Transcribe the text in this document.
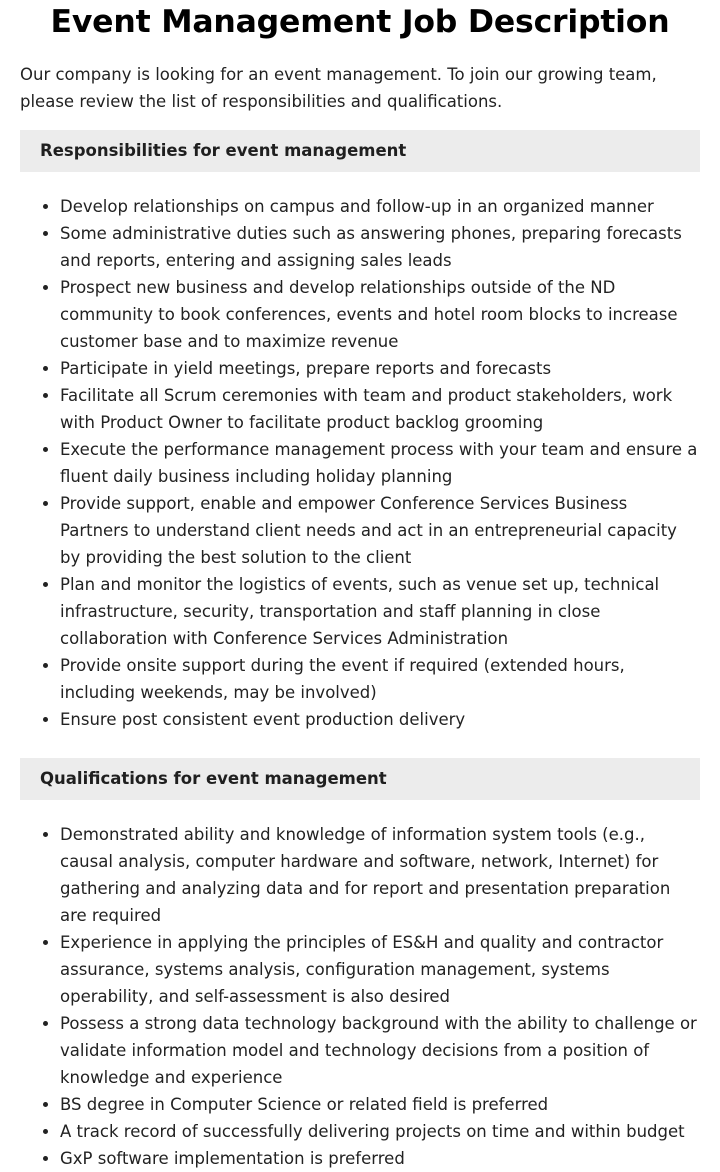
Event Management Job Description

Our company is looking for an event management. To join our growing team, please review the list of responsibilities and qualifications.

Responsibilities for event management
• Develop relationships on campus and follow-up in an organized manner
• Some administrative duties such as answering phones, preparing forecasts and reports, entering and assigning sales leads
• Prospect new business and develop relationships outside of the ND community to book conferences, events and hotel room blocks to increase customer base and to maximize revenue
• Participate in yield meetings, prepare reports and forecasts
• Facilitate all Scrum ceremonies with team and product stakeholders, work with Product Owner to facilitate product backlog grooming
• Execute the performance management process with your team and ensure a fluent daily business including holiday planning
• Provide support, enable and empower Conference Services Business Partners to understand client needs and act in an entrepreneurial capacity by providing the best solution to the client
• Plan and monitor the logistics of events, such as venue set up, technical infrastructure, security, transportation and staff planning in close collaboration with Conference Services Administration
• Provide onsite support during the event if required (extended hours, including weekends, may be involved)
• Ensure post consistent event production delivery
Qualifications for event management
• Demonstrated ability and knowledge of information system tools (e.g., causal analysis, computer hardware and software, network, Internet) for gathering and analyzing data and for report and presentation preparation are required
• Experience in applying the principles of ES&H and quality and contractor assurance, systems analysis, configuration management, systems operability, and self-assessment is also desired
• Possess a strong data technology background with the ability to challenge or validate information model and technology decisions from a position of knowledge and experience
• BS degree in Computer Science or related field is preferred
• A track record of successfully delivering projects on time and within budget
• GxP software implementation is preferred
